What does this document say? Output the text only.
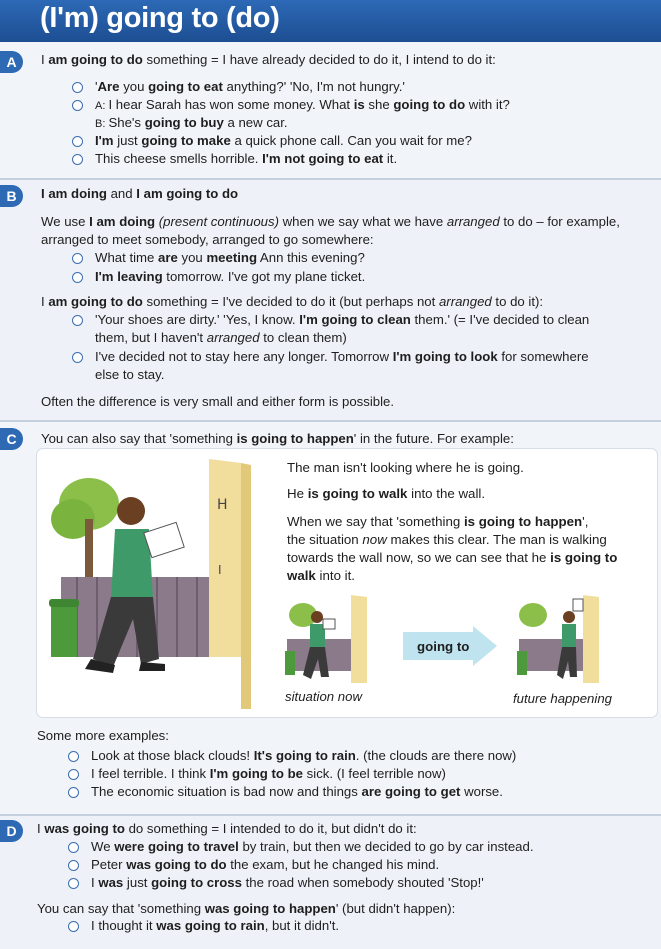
(I'm) going to (do)
A	I am going to do something = I have already decided to do it, I intend to do it:
'Are you going to eat anything?' 'No, I'm not hungry.'
A: I hear Sarah has won some money. What is she going to do with it?
B: She's going to buy a new car.
I'm just going to make a quick phone call. Can you wait for me?
This cheese smells horrible. I'm not going to eat it.
B	I am doing and I am going to do
We use I am doing (present continuous) when we say what we have arranged to do – for example,
arranged to meet somebody, arranged to go somewhere:
What time are you meeting Ann this evening?
I'm leaving tomorrow. I've got my plane ticket.
I am going to do something = I've decided to do it (but perhaps not arranged to do it):
'Your shoes are dirty.' 'Yes, I know. I'm going to clean them.' (= I've decided to clean
them, but I haven't arranged to clean them)
I've decided not to stay here any longer. Tomorrow I'm going to look for somewhere
else to stay.
Often the difference is very small and either form is possible.
C	You can also say that 'something is going to happen' in the future. For example:
H
Ⅰ
The man isn't looking where he is going.
He is going to walk into the wall.
When we say that 'something is going to happen',
the situation now makes this clear. The man is walking
towards the wall now, so we can see that he is going to
walk into it.
situation now
going to
future happening
Some more examples:
Look at those black clouds! It's going to rain. (the clouds are there now)
I feel terrible. I think I'm going to be sick. (I feel terrible now)
The economic situation is bad now and things are going to get worse.
D	I was going to do something = I intended to do it, but didn't do it:
We were going to travel by train, but then we decided to go by car instead.
Peter was going to do the exam, but he changed his mind.
I was just going to cross the road when somebody shouted 'Stop!'
You can say that 'something was going to happen' (but didn't happen):
I thought it was going to rain, but it didn't.
